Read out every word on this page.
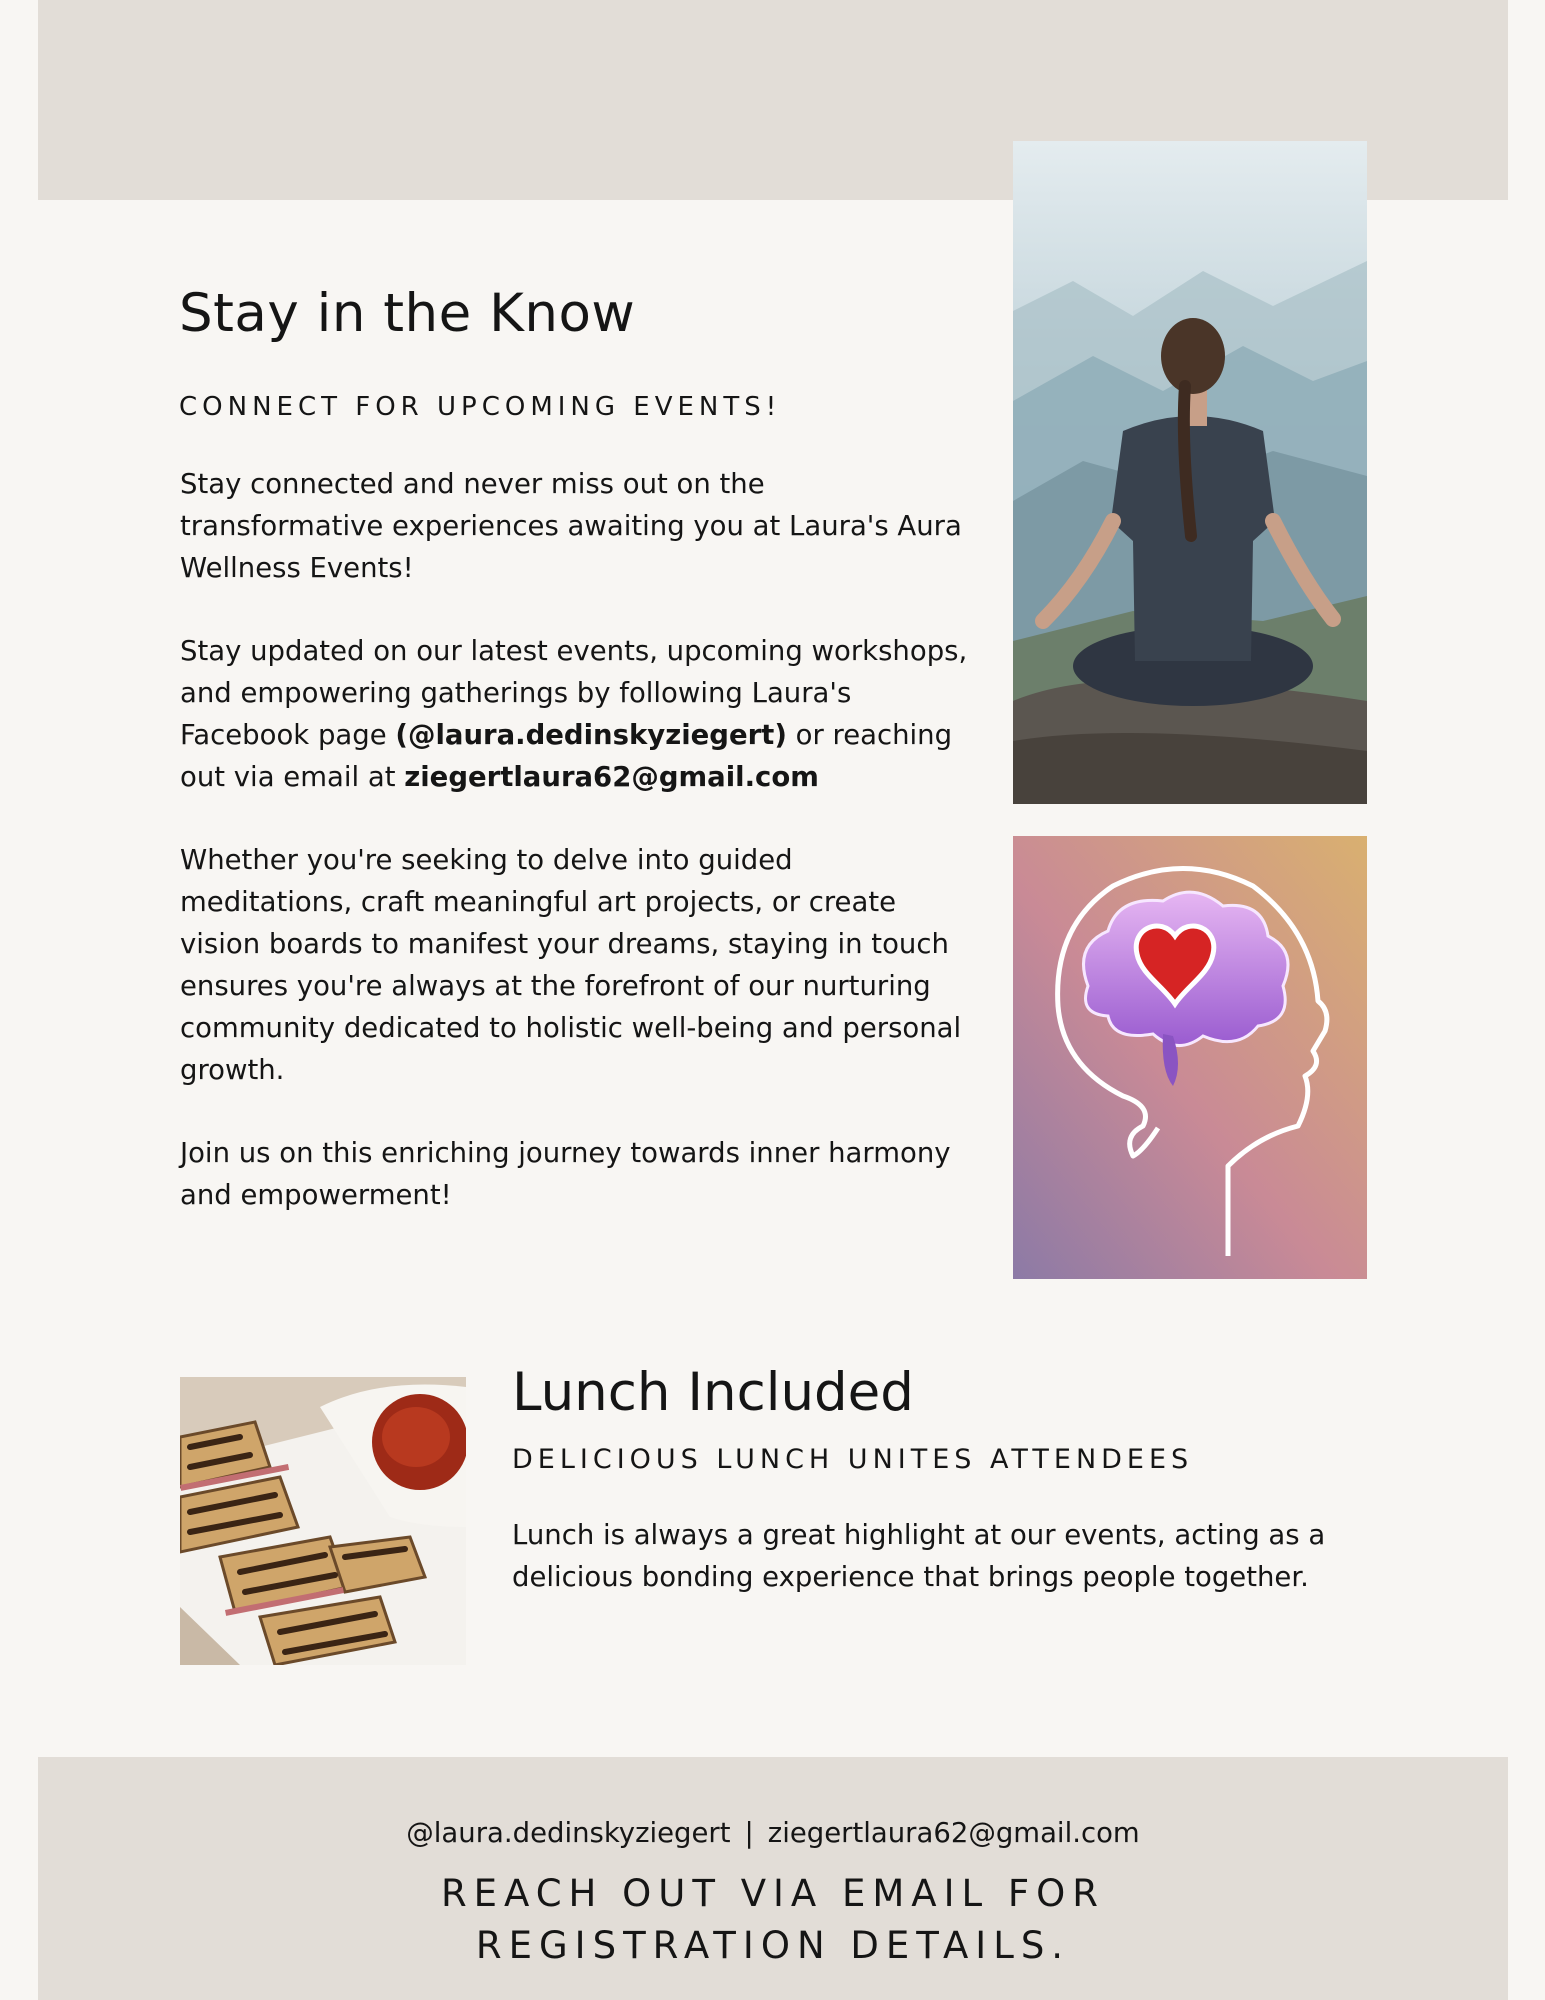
Stay in the Know
CONNECT FOR UPCOMING EVENTS!

Stay connected and never miss out on the transformative experiences awaiting you at Laura's Aura Wellness Events!

Stay updated on our latest events, upcoming workshops, and empowering gatherings by following Laura's Facebook page (@laura.dedinskyziegert) or reaching out via email at ziegertlaura62@gmail.com

Whether you're seeking to delve into guided meditations, craft meaningful art projects, or create vision boards to manifest your dreams, staying in touch ensures you're always at the forefront of our nurturing community dedicated to holistic well-being and personal growth.

Join us on this enriching journey towards inner harmony and empowerment!

Lunch Included
DELICIOUS LUNCH UNITES ATTENDEES

Lunch is always a great highlight at our events, acting as a delicious bonding experience that brings people together.

@laura.dedinskyziegert | ziegertlaura62@gmail.com
REACH OUT VIA EMAIL FOR REGISTRATION DETAILS.
